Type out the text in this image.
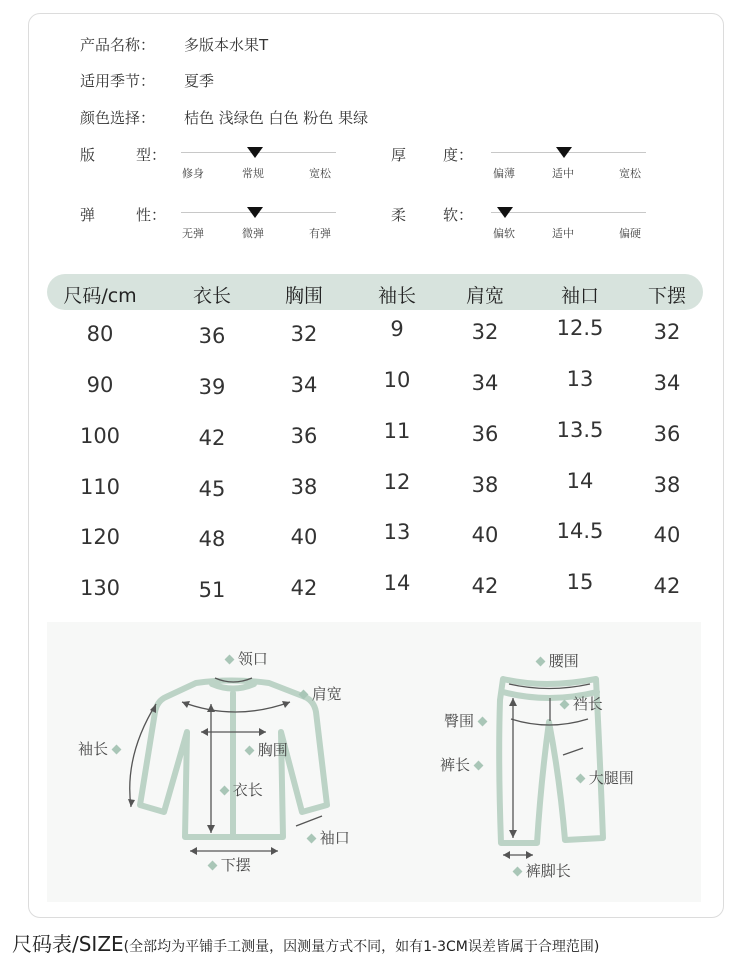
产品名称： 多版本水果T
适用季节： 夏季
颜色选择： 桔色 浅绿色 白色 粉色 果绿
版	型：
修身	常规	宽松
厚 度：
偏薄	适中	宽松
弹	性：
无弹	微弹	有弹
柔 软：
偏软	适中	偏硬
尺码/cm	衣长	胸围	袖长	肩宽	袖口	下摆
80	36	32	9	32	12.5	32
90	39	34	10	34	13	34
100	42	36	11	36	13.5	36
110	45	38	12	38	14	38
120	48	40	13	40	14.5	40
130	51	42	14	42	15	42
领口
肩宽
袖长	胸围
衣长
袖口
下摆
腰围
裆长
臀围
裤长
大腿围
裤脚长
尺码表/SIZE(全部均为平铺手工测量，因测量方式不同，如有1-3CM误差皆属于合理范围)
